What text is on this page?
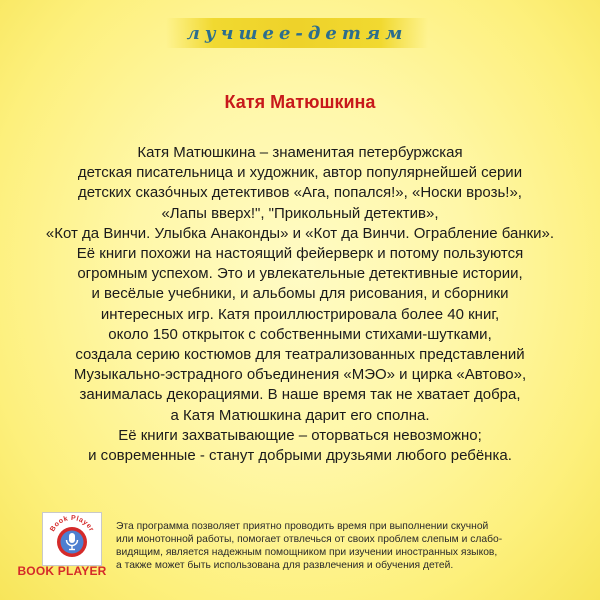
лучшее-детям
Катя Матюшкина
Катя Матюшкина – знаменитая петербуржская
детская писательница и художник, автор популярнейшей серии
детских сказóчных детективов «Ага, попался!», «Носки врозь!»,
«Лапы вверх!", "Прикольный детектив»,
«Кот да Винчи. Улыбка Анаконды» и «Кот да Винчи. Ограбление банки».
Её книги похожи на настоящий фейерверк и потому пользуются
огромным успехом. Это и увлекательные детективные истории,
и весёлые учебники, и альбомы для рисования, и сборники
интересных игр. Катя проиллюстрировала более 40 книг,
около 150 открыток с собственными стихами-шутками,
создала серию костюмов для театрализованных представлений
Музыкально-эстрадного объединения «МЭО» и цирка «Автово»,
занималась декорациями. В наше время так не хватает добра,
а Катя Матюшкина дарит его сполна.
Её книги захватывающие – оторваться невозможно;
и современные - станут добрыми друзьями любого ребёнка.
Book Player
BOOK PLAYER
Эта программа позволяет приятно проводить время при выполнении скучной
или монотонной работы, помогает отвлечься от своих проблем слепым и слабо-
видящим, является надежным помощником при изучении иностранных языков,
а также может быть использована для развлечения и обучения детей.
